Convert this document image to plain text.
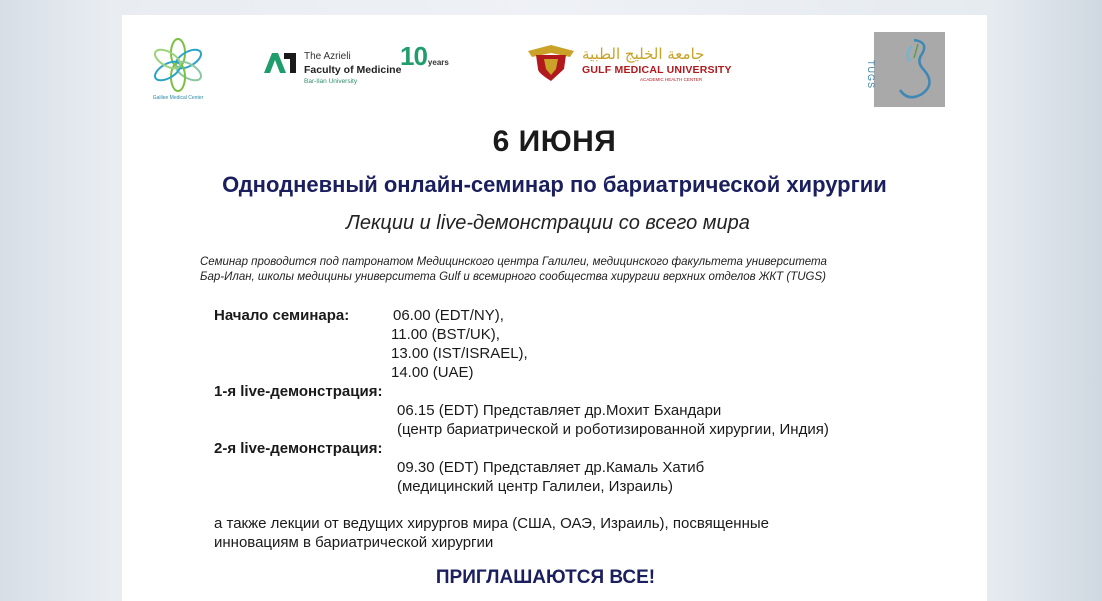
Galilee Medical Center
The Azrieli
Faculty of Medicine
Bar-Ilan University
10years	جامعة الخليج الطبية
GULF MEDICAL UNIVERSITY
ACADEMIC HEALTH CENTER	TUGS
6 ИЮНЯ
Однодневный онлайн-семинар по бариатрической хирургии
Лекции и live-демонстрации со всего мира
Семинар проводится под патронатом Медицинского центра Галилеи, медицинского факультета университета
Бар-Илан, школы медицины университета Gulf и всемирного сообщества хирургии верхних отделов ЖКТ (TUGS)
Начало семинара:	06.00 (EDT/NY),
11.00 (BST/UK),
13.00 (IST/ISRAEL),
14.00 (UAE)
1-я live-демонстрация:
06.15 (EDT) Представляет др.Мохит Бхандари
(центр бариатрической и роботизированной хирургии, Индия)
2-я live-демонстрация:
09.30 (EDT) Представляет др.Камаль Хатиб
(медицинский центр Галилеи, Израиль)
а также лекции от ведущих хирургов мира (США, ОАЭ, Израиль), посвященные
инновациям в бариатрической хирургии
ПРИГЛАШАЮТСЯ ВСЕ!
